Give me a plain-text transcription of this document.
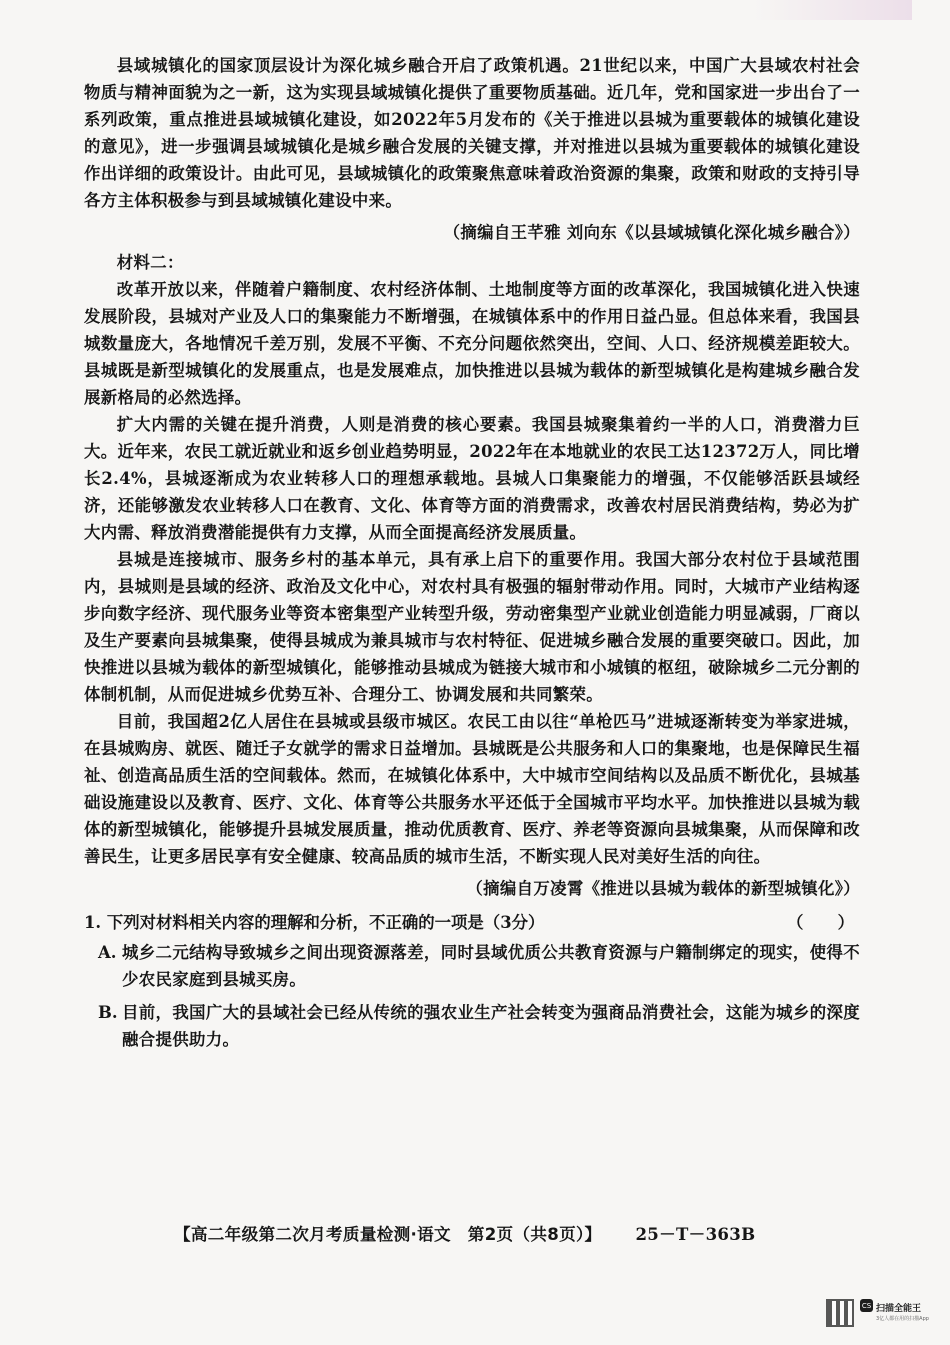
县域城镇化的国家顶层设计为深化城乡融合开启了政策机遇。21世纪以来，中国广大县域农村社会物质与精神面貌为之一新，这为实现县域城镇化提供了重要物质基础。近几年，党和国家进一步出台了一系列政策，重点推进县域城镇化建设，如2022年5月发布的《关于推进以县城为重要载体的城镇化建设的意见》，进一步强调县域城镇化是城乡融合发展的关键支撑，并对推进以县城为重要载体的城镇化建设作出详细的政策设计。由此可见，县域城镇化的政策聚焦意味着政治资源的集聚，政策和财政的支持引导各方主体积极参与到县域城镇化建设中来。

（摘编自王芊雅 刘向东《以县域城镇化深化城乡融合》）

材料二：

改革开放以来，伴随着户籍制度、农村经济体制、土地制度等方面的改革深化，我国城镇化进入快速发展阶段，县城对产业及人口的集聚能力不断增强，在城镇体系中的作用日益凸显。但总体来看，我国县城数量庞大，各地情况千差万别，发展不平衡、不充分问题依然突出，空间、人口、经济规模差距较大。县城既是新型城镇化的发展重点，也是发展难点，加快推进以县城为载体的新型城镇化是构建城乡融合发展新格局的必然选择。

扩大内需的关键在提升消费，人则是消费的核心要素。我国县城聚集着约一半的人口，消费潜力巨大。近年来，农民工就近就业和返乡创业趋势明显，2022年在本地就业的农民工达12372万人，同比增长2.4%，县城逐渐成为农业转移人口的理想承载地。县城人口集聚能力的增强，不仅能够活跃县域经济，还能够激发农业转移人口在教育、文化、体育等方面的消费需求，改善农村居民消费结构，势必为扩大内需、释放消费潜能提供有力支撑，从而全面提高经济发展质量。

县城是连接城市、服务乡村的基本单元，具有承上启下的重要作用。我国大部分农村位于县域范围内，县城则是县域的经济、政治及文化中心，对农村具有极强的辐射带动作用。同时，大城市产业结构逐步向数字经济、现代服务业等资本密集型产业转型升级，劳动密集型产业就业创造能力明显减弱，厂商以及生产要素向县城集聚，使得县城成为兼具城市与农村特征、促进城乡融合发展的重要突破口。因此，加快推进以县城为载体的新型城镇化，能够推动县城成为链接大城市和小城镇的枢纽，破除城乡二元分割的体制机制，从而促进城乡优势互补、合理分工、协调发展和共同繁荣。

目前，我国超2亿人居住在县城或县级市城区。农民工由以往“单枪匹马”进城逐渐转变为举家进城，在县城购房、就医、随迁子女就学的需求日益增加。县城既是公共服务和人口的集聚地，也是保障民生福祉、创造高品质生活的空间载体。然而，在城镇化体系中，大中城市空间结构以及品质不断优化，县城基础设施建设以及教育、医疗、文化、体育等公共服务水平还低于全国城市平均水平。加快推进以县城为载体的新型城镇化，能够提升县城发展质量，推动优质教育、医疗、养老等资源向县城集聚，从而保障和改善民生，让更多居民享有安全健康、较高品质的城市生活，不断实现人民对美好生活的向往。

（摘编自万凌霄《推进以县城为载体的新型城镇化》）

1. 下列对材料相关内容的理解和分析，不正确的一项是（3分）	（      ）
A. 城乡二元结构导致城乡之间出现资源落差，同时县域优质公共教育资源与户籍制绑定的现实，使得不少农民家庭到县城买房。

B. 目前，我国广大的县域社会已经从传统的强农业生产社会转变为强商品消费社会，这能为城乡的深度融合提供助力。

【高二年级第二次月考质量检测·语文　第2页（共8页）】 25－T－363B
CS 扫描全能王
3亿人都在用的扫描App
